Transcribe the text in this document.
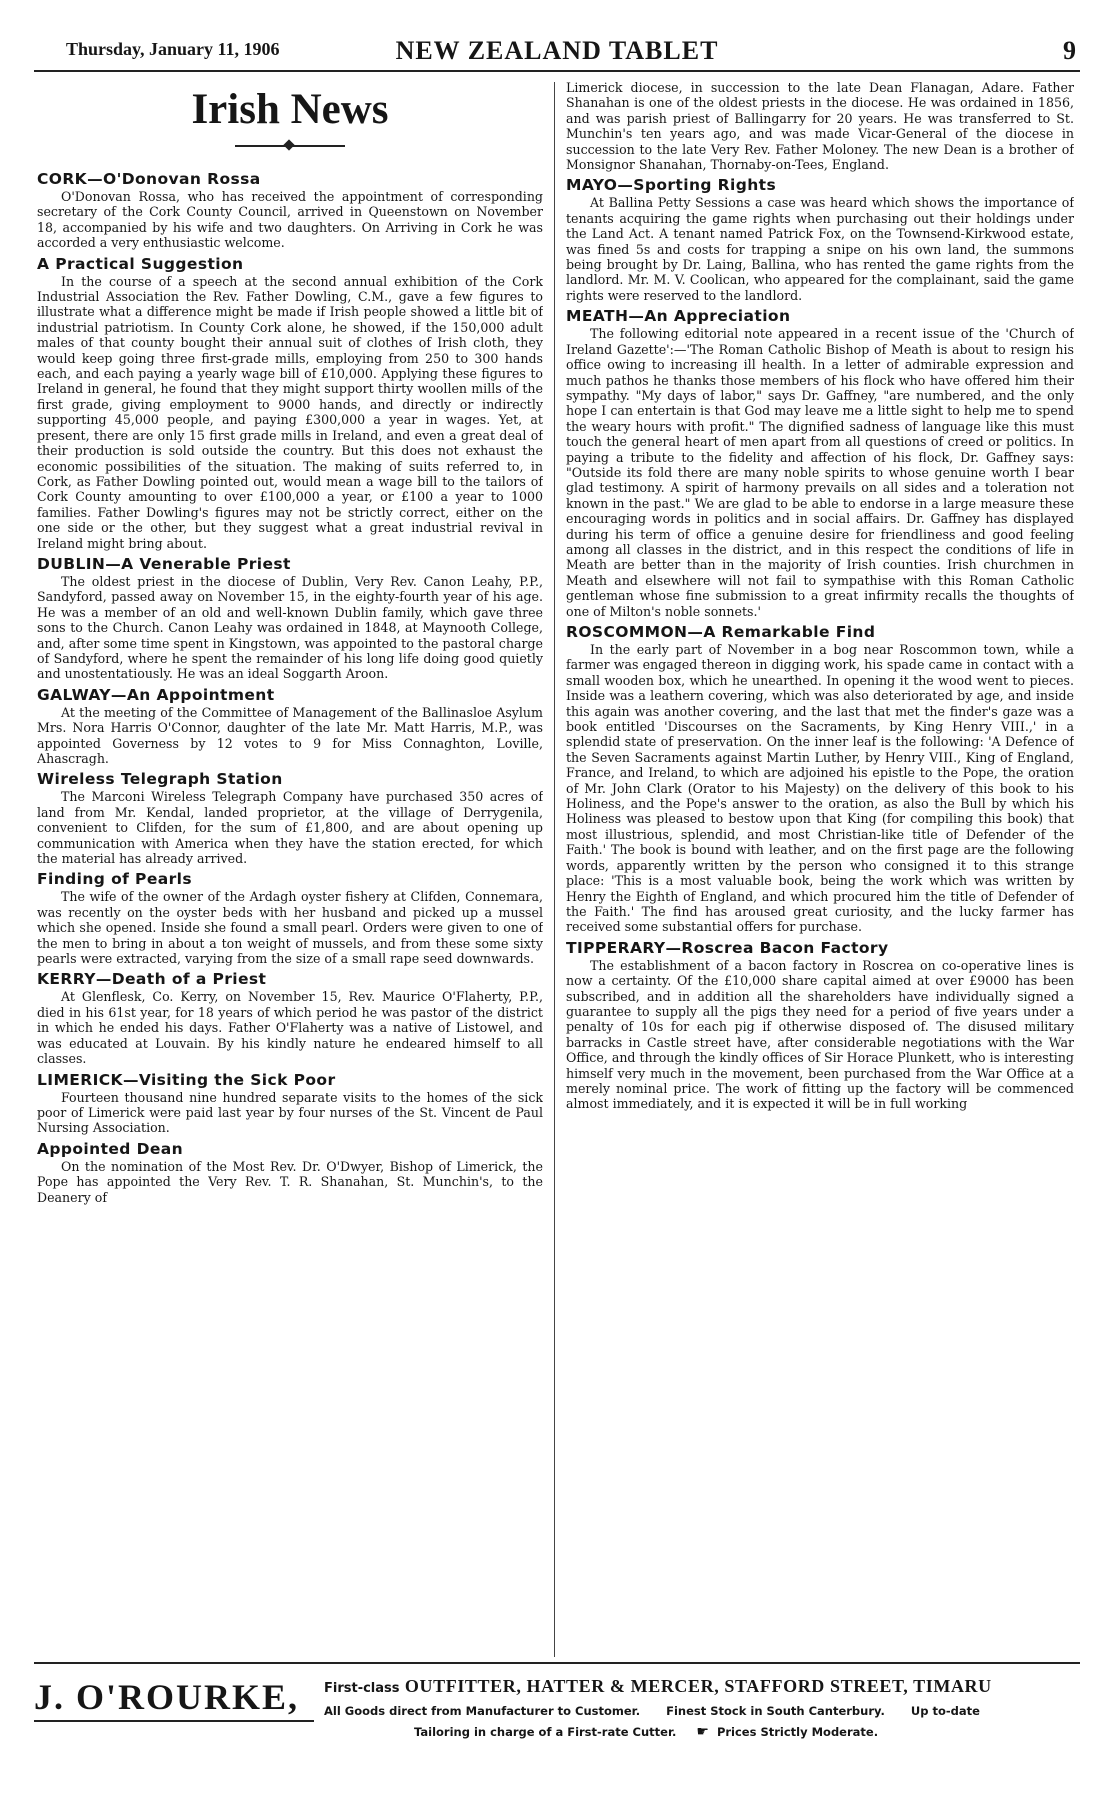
Thursday, January 11, 1906	NEW ZEALAND TABLET	9
Irish News
CORK—O'Donovan Rossa

O'Donovan Rossa, who has received the appointment of corresponding secretary of the Cork County Council, arrived in Queenstown on November 18, accompanied by his wife and two daughters. On Arriving in Cork he was accorded a very enthusiastic welcome.

A Practical Suggestion

In the course of a speech at the second annual exhibition of the Cork Industrial Association the Rev. Father Dowling, C.M., gave a few figures to illustrate what a difference might be made if Irish people showed a little bit of industrial patriotism. In County Cork alone, he showed, if the 150,000 adult males of that county bought their annual suit of clothes of Irish cloth, they would keep going three first-grade mills, employing from 250 to 300 hands each, and each paying a yearly wage bill of £10,000. Applying these figures to Ireland in general, he found that they might support thirty woollen mills of the first grade, giving employment to 9000 hands, and directly or indirectly supporting 45,000 people, and paying £300,000 a year in wages. Yet, at present, there are only 15 first grade mills in Ireland, and even a great deal of their production is sold outside the country. But this does not exhaust the economic possibilities of the situation. The making of suits referred to, in Cork, as Father Dowling pointed out, would mean a wage bill to the tailors of Cork County amounting to over £100,000 a year, or £100 a year to 1000 families. Father Dowling's figures may not be strictly correct, either on the one side or the other, but they suggest what a great industrial revival in Ireland might bring about.

DUBLIN—A Venerable Priest

The oldest priest in the diocese of Dublin, Very Rev. Canon Leahy, P.P., Sandyford, passed away on November 15, in the eighty-fourth year of his age. He was a member of an old and well-known Dublin family, which gave three sons to the Church. Canon Leahy was ordained in 1848, at Maynooth College, and, after some time spent in Kingstown, was appointed to the pastoral charge of Sandyford, where he spent the remainder of his long life doing good quietly and unostentatiously. He was an ideal Soggarth Aroon.

GALWAY—An Appointment

At the meeting of the Committee of Management of the Ballinasloe Asylum Mrs. Nora Harris O'Connor, daughter of the late Mr. Matt Harris, M.P., was appointed Governess by 12 votes to 9 for Miss Connaghton, Loville, Ahascragh.

Wireless Telegraph Station

The Marconi Wireless Telegraph Company have purchased 350 acres of land from Mr. Kendal, landed proprietor, at the village of Derrygenila, convenient to Clifden, for the sum of £1,800, and are about opening up communication with America when they have the station erected, for which the material has already arrived.

Finding of Pearls

The wife of the owner of the Ardagh oyster fishery at Clifden, Connemara, was recently on the oyster beds with her husband and picked up a mussel which she opened. Inside she found a small pearl. Orders were given to one of the men to bring in about a ton weight of mussels, and from these some sixty pearls were extracted, varying from the size of a small rape seed downwards.

KERRY—Death of a Priest

At Glenflesk, Co. Kerry, on November 15, Rev. Maurice O'Flaherty, P.P., died in his 61st year, for 18 years of which period he was pastor of the district in which he ended his days. Father O'Flaherty was a native of Listowel, and was educated at Louvain. By his kindly nature he endeared himself to all classes.

LIMERICK—Visiting the Sick Poor

Fourteen thousand nine hundred separate visits to the homes of the sick poor of Limerick were paid last year by four nurses of the St. Vincent de Paul Nursing Association.

Appointed Dean

On the nomination of the Most Rev. Dr. O'Dwyer, Bishop of Limerick, the Pope has appointed the Very Rev. T. R. Shanahan, St. Munchin's, to the Deanery of

Limerick diocese, in succession to the late Dean Flanagan, Adare. Father Shanahan is one of the oldest priests in the diocese. He was ordained in 1856, and was parish priest of Ballingarry for 20 years. He was transferred to St. Munchin's ten years ago, and was made Vicar-General of the diocese in succession to the late Very Rev. Father Moloney. The new Dean is a brother of Monsignor Shanahan, Thornaby-on-Tees, England.

MAYO—Sporting Rights

At Ballina Petty Sessions a case was heard which shows the importance of tenants acquiring the game rights when purchasing out their holdings under the Land Act. A tenant named Patrick Fox, on the Townsend-Kirkwood estate, was fined 5s and costs for trapping a snipe on his own land, the summons being brought by Dr. Laing, Ballina, who has rented the game rights from the landlord. Mr. M. V. Coolican, who appeared for the complainant, said the game rights were reserved to the landlord.

MEATH—An Appreciation

The following editorial note appeared in a recent issue of the 'Church of Ireland Gazette':—'The Roman Catholic Bishop of Meath is about to resign his office owing to increasing ill health. In a letter of admirable expression and much pathos he thanks those members of his flock who have offered him their sympathy. "My days of labor," says Dr. Gaffney, "are numbered, and the only hope I can entertain is that God may leave me a little sight to help me to spend the weary hours with profit." The dignified sadness of language like this must touch the general heart of men apart from all questions of creed or politics. In paying a tribute to the fidelity and affection of his flock, Dr. Gaffney says: "Outside its fold there are many noble spirits to whose genuine worth I bear glad testimony. A spirit of harmony prevails on all sides and a toleration not known in the past." We are glad to be able to endorse in a large measure these encouraging words in politics and in social affairs. Dr. Gaffney has displayed during his term of office a genuine desire for friendliness and good feeling among all classes in the district, and in this respect the conditions of life in Meath are better than in the majority of Irish counties. Irish churchmen in Meath and elsewhere will not fail to sympathise with this Roman Catholic gentleman whose fine submission to a great infirmity recalls the thoughts of one of Milton's noble sonnets.'

ROSCOMMON—A Remarkable Find

In the early part of November in a bog near Roscommon town, while a farmer was engaged thereon in digging work, his spade came in contact with a small wooden box, which he unearthed. In opening it the wood went to pieces. Inside was a leathern covering, which was also deteriorated by age, and inside this again was another covering, and the last that met the finder's gaze was a book entitled 'Discourses on the Sacraments, by King Henry VIII.,' in a splendid state of preservation. On the inner leaf is the following: 'A Defence of the Seven Sacraments against Martin Luther, by Henry VIII., King of England, France, and Ireland, to which are adjoined his epistle to the Pope, the oration of Mr. John Clark (Orator to his Majesty) on the delivery of this book to his Holiness, and the Pope's answer to the oration, as also the Bull by which his Holiness was pleased to bestow upon that King (for compiling this book) that most illustrious, splendid, and most Christian-like title of Defender of the Faith.' The book is bound with leather, and on the first page are the following words, apparently written by the person who consigned it to this strange place: 'This is a most valuable book, being the work which was written by Henry the Eighth of England, and which procured him the title of Defender of the Faith.' The find has aroused great curiosity, and the lucky farmer has received some substantial offers for purchase.

TIPPERARY—Roscrea Bacon Factory

The establishment of a bacon factory in Roscrea on co-operative lines is now a certainty. Of the £10,000 share capital aimed at over £9000 has been subscribed, and in addition all the shareholders have individually signed a guarantee to supply all the pigs they need for a period of five years under a penalty of 10s for each pig if otherwise disposed of. The disused military barracks in Castle street have, after considerable negotiations with the War Office, and through the kindly offices of Sir Horace Plunkett, who is interesting himself very much in the movement, been purchased from the War Office at a merely nominal price. The work of fitting up the factory will be commenced almost immediately, and it is expected it will be in full working

J. O'ROURKE, First-class OUTFITTER, HATTER & MERCER, STAFFORD STREET, TIMARU
All Goods direct from Manufacturer to Customer. Finest Stock in South Canterbury. Up to-date
Tailoring in charge of a First-rate Cutter. ☛ Prices Strictly Moderate.
